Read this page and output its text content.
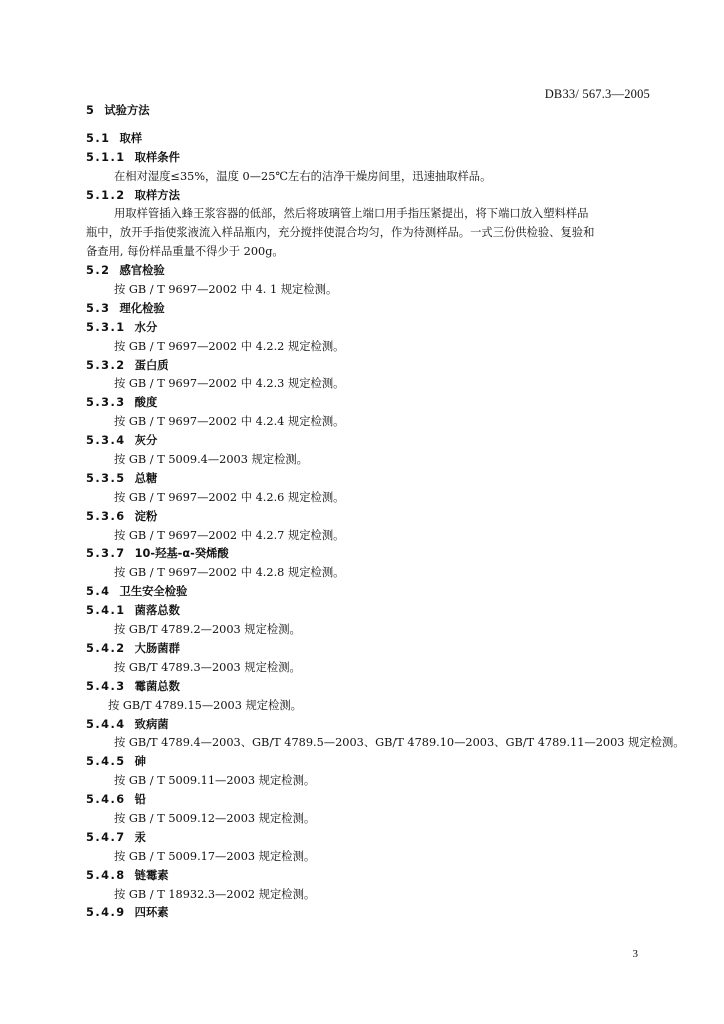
DB33/ 567.3—2005
5 试验方法
5.1 取样
5.1.1 取样条件
在相对湿度≤35%，温度 0—25℃左右的洁净干燥房间里，迅速抽取样品。
5.1.2 取样方法
用取样管插入蜂王浆容器的低部，然后将玻璃管上端口用手指压紧提出，将下端口放入塑料样品
瓶中，放开手指使浆液流入样品瓶内，充分搅拌使混合均匀，作为待测样品。一式三份供检验、复验和
备查用, 每份样品重量不得少于 200g。
5.2 感官检验
按 GB / T 9697—2002 中 4. 1 规定检测。
5.3 理化检验
5.3.1 水分
按 GB / T 9697—2002 中 4.2.2 规定检测。
5.3.2 蛋白质
按 GB / T 9697—2002 中 4.2.3 规定检测。
5.3.3 酸度
按 GB / T 9697—2002 中 4.2.4 规定检测。
5.3.4 灰分
按 GB / T 5009.4—2003 规定检测。
5.3.5 总糖
按 GB / T 9697—2002 中 4.2.6 规定检测。
5.3.6 淀粉
按 GB / T 9697—2002 中 4.2.7 规定检测。
5.3.7 10-羟基-α-癸烯酸
按 GB / T 9697—2002 中 4.2.8 规定检测。
5.4 卫生安全检验
5.4.1 菌落总数
按 GB/T 4789.2—2003 规定检测。
5.4.2 大肠菌群
按 GB/T 4789.3—2003 规定检测。
5.4.3 霉菌总数
按 GB/T 4789.15—2003 规定检测。
5.4.4 致病菌
按 GB/T 4789.4—2003、GB/T 4789.5—2003、GB/T 4789.10—2003、GB/T 4789.11—2003 规定检测。
5.4.5 砷
按 GB / T 5009.11—2003 规定检测。
5.4.6 铅
按 GB / T 5009.12—2003 规定检测。
5.4.7 汞
按 GB / T 5009.17—2003 规定检测。
5.4.8 链霉素
按 GB / T 18932.3—2002 规定检测。
5.4.9 四环素
3
